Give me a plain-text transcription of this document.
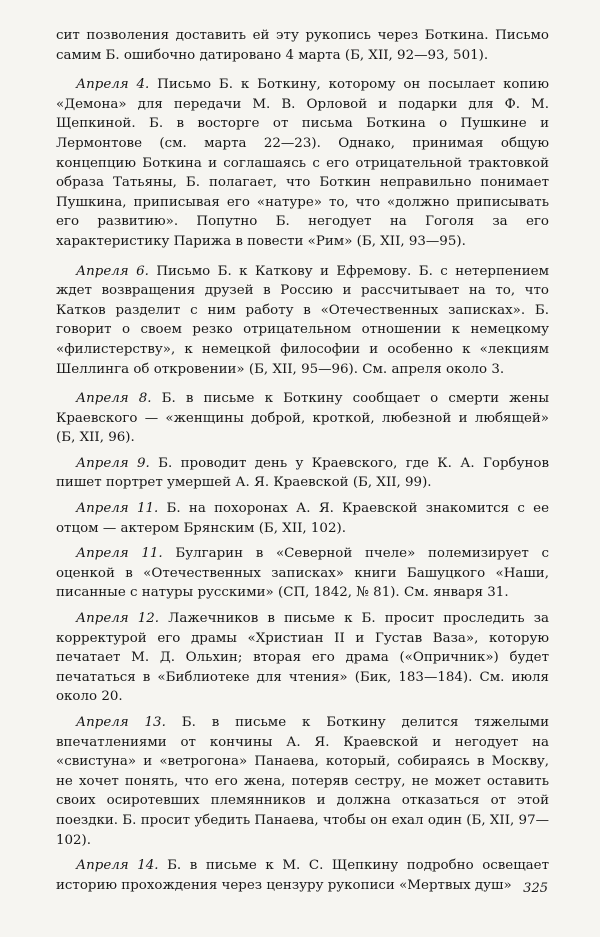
сит позволения доставить ей эту рукопись через Боткина. Письмо самим Б. ошибочно датировано 4 марта (Б, XII, 92—93, 501).

Апреля 4. Письмо Б. к Боткину, которому он посылает копию «Демона» для передачи М. В. Орловой и подарки для Ф. М. Щепкиной. Б. в восторге от письма Боткина о Пушкине и Лермонтове (см. марта 22—23). Однако, принимая общую концепцию Боткина и соглашаясь с его отрицательной трактовкой образа Татьяны, Б. полагает, что Боткин неправильно понимает Пушкина, приписывая его «натуре» то, что «должно приписывать его развитию». Попутно Б. негодует на Гоголя за его характеристику Парижа в повести «Рим» (Б, XII, 93—95).

Апреля 6. Письмо Б. к Каткову и Ефремову. Б. с нетерпением ждет возвращения друзей в Россию и рассчитывает на то, что Катков разделит с ним работу в «Отечественных записках». Б. говорит о своем резко отрицательном отношении к немецкому «филистерству», к немецкой философии и особенно к «лекциям Шеллинга об откровении» (Б, XII, 95—96). См. апреля около 3.

Апреля 8. Б. в письме к Боткину сообщает о смерти жены Краевского — «женщины доброй, кроткой, любезной и любящей» (Б, XII, 96).

Апреля 9. Б. проводит день у Краевского, где К. А. Горбунов пишет портрет умершей А. Я. Краевской (Б, XII, 99).

Апреля 11. Б. на похоронах А. Я. Краевской знакомится с ее отцом — актером Брянским (Б, XII, 102).

Апреля 11. Булгарин в «Северной пчеле» полемизирует с оценкой в «Отечественных записках» книги Башуцкого «Наши, писанные с натуры русскими» (СП, 1842, № 81). См. января 31.

Апреля 12. Лажечников в письме к Б. просит проследить за корректурой его драмы «Христиан II и Густав Ваза», которую печатает М. Д. Ольхин; вторая его драма («Опричник») будет печататься в «Библиотеке для чтения» (Бик, 183—184). См. июля около 20.

Апреля 13. Б. в письме к Боткину делится тяжелыми впечатлениями от кончины А. Я. Краевской и негодует на «свистуна» и «ветрогона» Панаева, который, собираясь в Москву, не хочет понять, что его жена, потеряв сестру, не может оставить своих осиротевших племянников и должна отказаться от этой поездки. Б. просит убедить Панаева, чтобы он ехал один (Б, XII, 97—102).

Апреля 14. Б. в письме к М. С. Щепкину подробно освещает историю прохождения через цензуру рукописи «Мертвых душ» 325
